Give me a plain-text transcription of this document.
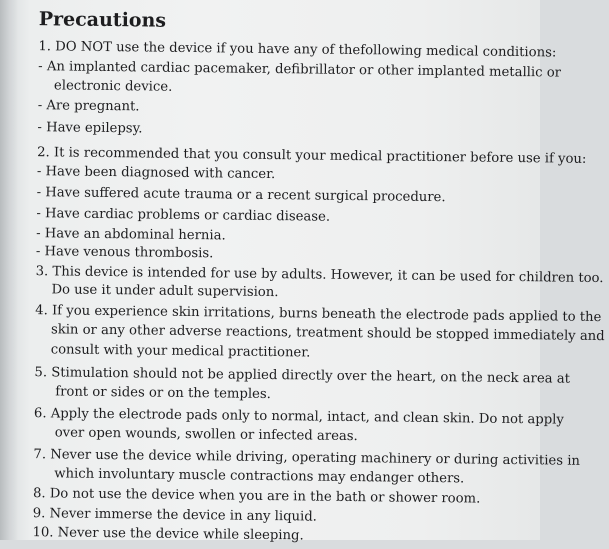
Precautions
1. DO NOT use the device if you have any of thefollowing medical conditions:
- An implanted cardiac pacemaker, defibrillator or other implanted metallic or
electronic device.
- Are pregnant.
- Have epilepsy.
2. It is recommended that you consult your medical practitioner before use if you:
- Have been diagnosed with cancer.
- Have suffered acute trauma or a recent surgical procedure.
- Have cardiac problems or cardiac disease.
- Have an abdominal hernia.
- Have venous thrombosis.
3. This device is intended for use by adults. However, it can be used for children too.
Do use it under adult supervision.
4. If you experience skin irritations, burns beneath the electrode pads applied to the
skin or any other adverse reactions, treatment should be stopped immediately and
consult with your medical practitioner.
5. Stimulation should not be applied directly over the heart, on the neck area at
front or sides or on the temples.
6. Apply the electrode pads only to normal, intact, and clean skin. Do not apply
over open wounds, swollen or infected areas.
7. Never use the device while driving, operating machinery or during activities in
which involuntary muscle contractions may endanger others.
8. Do not use the device when you are in the bath or shower room.
9. Never immerse the device in any liquid.
10. Never use the device while sleeping.
